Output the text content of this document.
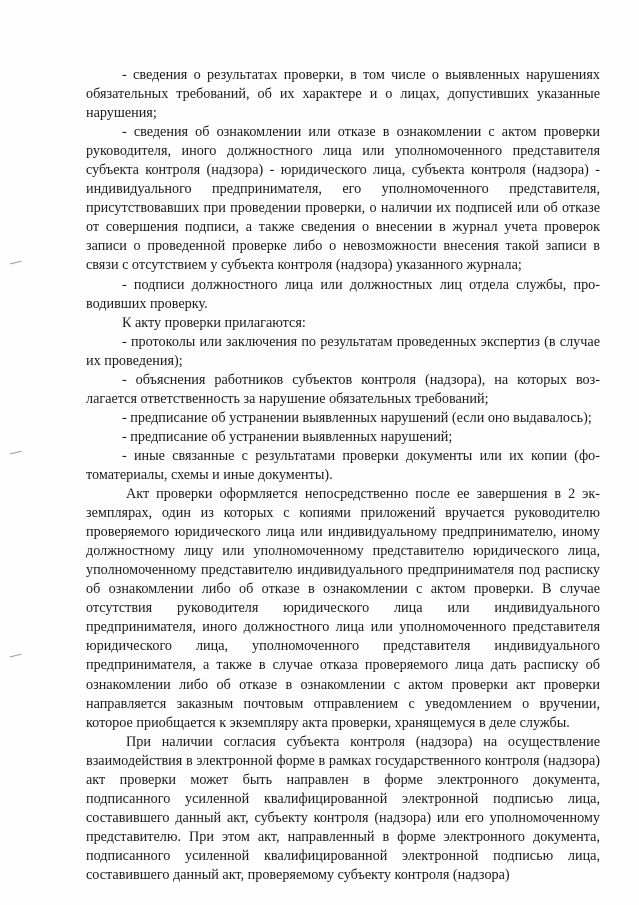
- сведения о результатах проверки, в том числе о выявленных нарушениях обязательных требований, об их характере и о лицах, допустивших указанные нарушения;

- сведения об ознакомлении или отказе в ознакомлении с актом проверки руководителя, иного должностного лица или уполномоченного представителя субъекта контроля (надзора) - юридического лица, субъекта контроля (надзора) - индивидуального предпринимателя, его уполномоченного представителя, присутствовавших при проведении проверки, о наличии их подписей или об отказе от совершения подписи, а также сведения о внесении в журнал учета проверок записи о проведенной проверке либо о невозможности внесения такой записи в связи с отсутствием у субъекта контроля (надзора) указанного журнала;

- подписи должностного лица или должностных лиц отдела службы, проводивших проверку.

К акту проверки прилагаются:

- протоколы или заключения по результатам проведенных экспертиз (в случае их проведения);

- объяснения работников субъектов контроля (надзора), на которых возлагается ответственность за нарушение обязательных требований;

- предписание об устранении выявленных нарушений (если оно выдавалось);

- предписание об устранении выявленных нарушений;

- иные связанные с результатами проверки документы или их копии (фотоматериалы, схемы и иные документы).

Акт проверки оформляется непосредственно после ее завершения в 2 экземплярах, один из которых с копиями приложений вручается руководителю проверяемого юридического лица или индивидуальному предпринимателю, иному должностному лицу или уполномоченному представителю юридического лица, уполномоченному представителю индивидуального предпринимателя под расписку об ознакомлении либо об отказе в ознакомлении с актом проверки. В случае отсутствия руководителя юридического лица или индивидуального предпринимателя, иного должностного лица или уполномоченного представителя юридического лица, уполномоченного представителя индивидуального предпринимателя, а также в случае отказа проверяемого лица дать расписку об ознакомлении либо об отказе в ознакомлении с актом проверки акт проверки направляется заказным почтовым отправлением с уведомлением о вручении, которое приобщается к экземпляру акта проверки, хранящемуся в деле службы.

При наличии согласия субъекта контроля (надзора) на осуществление взаимодействия в электронной форме в рамках государственного контроля (надзора) акт проверки может быть направлен в форме электронного документа, подписанного усиленной квалифицированной электронной подписью лица, составившего данный акт, субъекту контроля (надзора) или его уполномоченному представителю. При этом акт, направленный в форме электронного документа, подписанного усиленной квалифицированной электронной подписью лица, составившего данный акт, проверяемому субъекту контроля (надзора)
